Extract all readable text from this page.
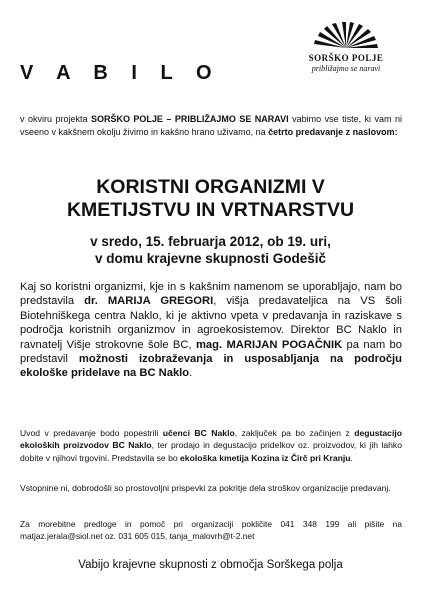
V A B I L O
SORŠKO POLJE
približajmo se naravi
v okviru projekta SORŠKO POLJE – PRIBLIŽAJMO SE NARAVI vabimo vse tiste, ki vam ni vseeno v kakšnem okolju živimo in kakšno hrano uživamo, na četrto predavanje z naslovom:
KORISTNI ORGANIZMI V
KMETIJSTVU IN VRTNARSTVU
v sredo, 15. februarja 2012, ob 19. uri,
v domu krajevne skupnosti Godešič
Kaj so koristni organizmi, kje in s kakšnim namenom se uporabljajo, nam bo predstavila dr. MARIJA GREGORI, višja predavateljica na VS šoli Biotehniškega centra Naklo, ki je aktivno vpeta v predavanja in raziskave s področja koristnih organizmov in agroekosistemov. Direktor BC Naklo in ravnatelj Višje strokovne šole BC, mag. MARIJAN POGAČNIK pa nam bo predstavil možnosti izobraževanja in usposabljanja na področju ekološke pridelave na BC Naklo.
Uvod v predavanje bodo popestrili učenci BC Naklo, zaključek pa bo začinjen z degustacijo ekoloških proizvodov BC Naklo, ter prodajo in degustacijo pridelkov oz. proizvodov, ki jih lahko dobite v njihovi trgovini. Predstavila se bo ekološka kmetija Kozina iz Čirč pri Kranju.
Vstopnine ni, dobrodošli so prostovoljni prispevki za pokritje dela stroškov organizacije predavanj.
Za morebitne predloge in pomoč pri organizaciji pokličite 041 348 199 ali pišite na matjaz.jerala@siol.net oz. 031 605 015, tanja_malovrh@t-2.net
Vabijo krajevne skupnosti z območja Sorškega polja
